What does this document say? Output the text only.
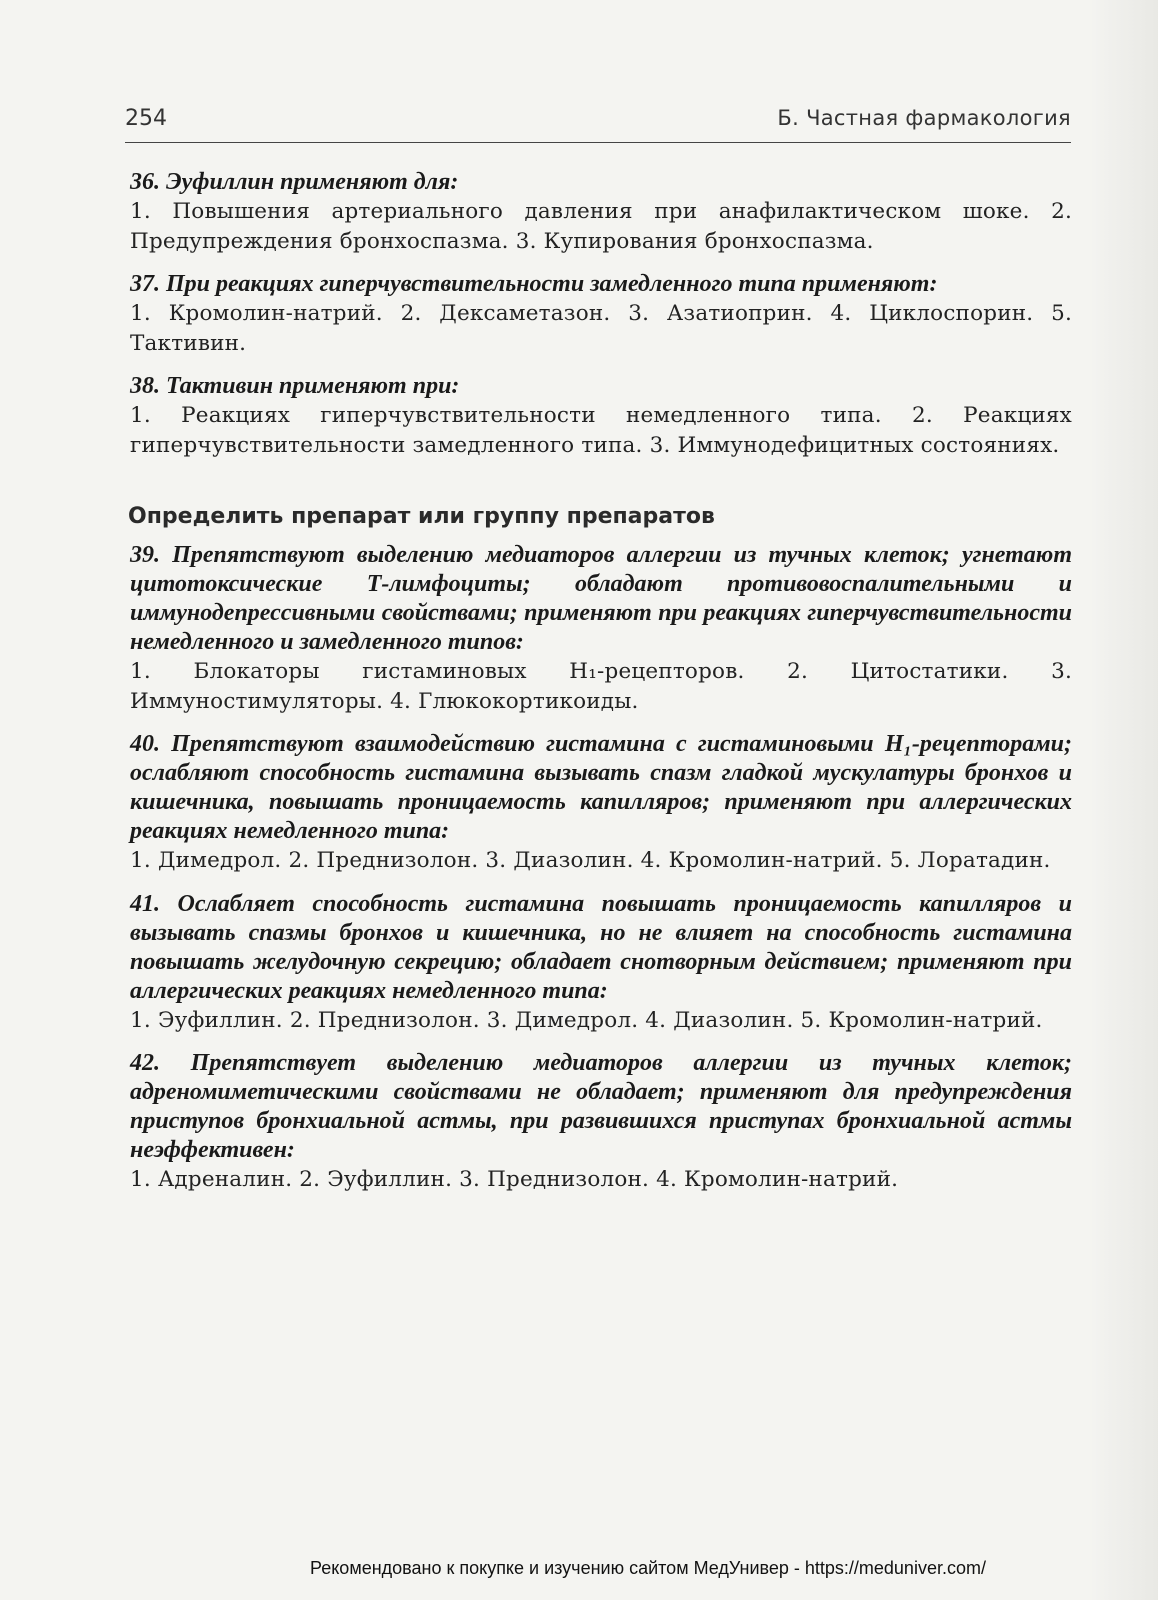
254	Б. Частная фармакология
36. Эуфиллин применяют для:
1. Повышения артериального давления при анафилактическом шоке. 2. Предупреждения бронхоспазма. 3. Купирования бронхоспазма.
37. При реакциях гиперчувствительности замедленного типа применяют:
1. Кромолин-натрий. 2. Дексаметазон. 3. Азатиоприн. 4. Циклоспорин. 5. Тактивин.
38. Тактивин применяют при:
1. Реакциях гиперчувствительности немедленного типа. 2. Реакциях гиперчувствительности замедленного типа. 3. Иммунодефицитных состояниях.
Определить препарат или группу препаратов
39. Препятствуют выделению медиаторов аллергии из тучных клеток; угнетают цитотоксические Т-лимфоциты; обладают противовоспалительными и иммунодепрессивными свойствами; применяют при реакциях гиперчувствительности немедленного и замедленного типов:
1. Блокаторы гистаминовых H₁-рецепторов. 2. Цитостатики. 3. Иммуностимуляторы. 4. Глюкокортикоиды.
40. Препятствуют взаимодействию гистамина с гистаминовыми H₁-рецепторами; ослабляют способность гистамина вызывать спазм гладкой мускулатуры бронхов и кишечника, повышать проницаемость капилляров; применяют при аллергических реакциях немедленного типа:
1. Димедрол. 2. Преднизолон. 3. Диазолин. 4. Кромолин-натрий. 5. Лоратадин.
41. Ослабляет способность гистамина повышать проницаемость капилляров и вызывать спазмы бронхов и кишечника, но не влияет на способность гистамина повышать желудочную секрецию; обладает снотворным действием; применяют при аллергических реакциях немедленного типа:
1. Эуфиллин. 2. Преднизолон. 3. Димедрол. 4. Диазолин. 5. Кромолин-натрий.
42. Препятствует выделению медиаторов аллергии из тучных клеток; адреномиметическими свойствами не обладает; применяют для предупреждения приступов бронхиальной астмы, при развившихся приступах бронхиальной астмы неэффективен:
1. Адреналин. 2. Эуфиллин. 3. Преднизолон. 4. Кромолин-натрий.
Рекомендовано к покупке и изучению сайтом МедУнивер - https://meduniver.com/
